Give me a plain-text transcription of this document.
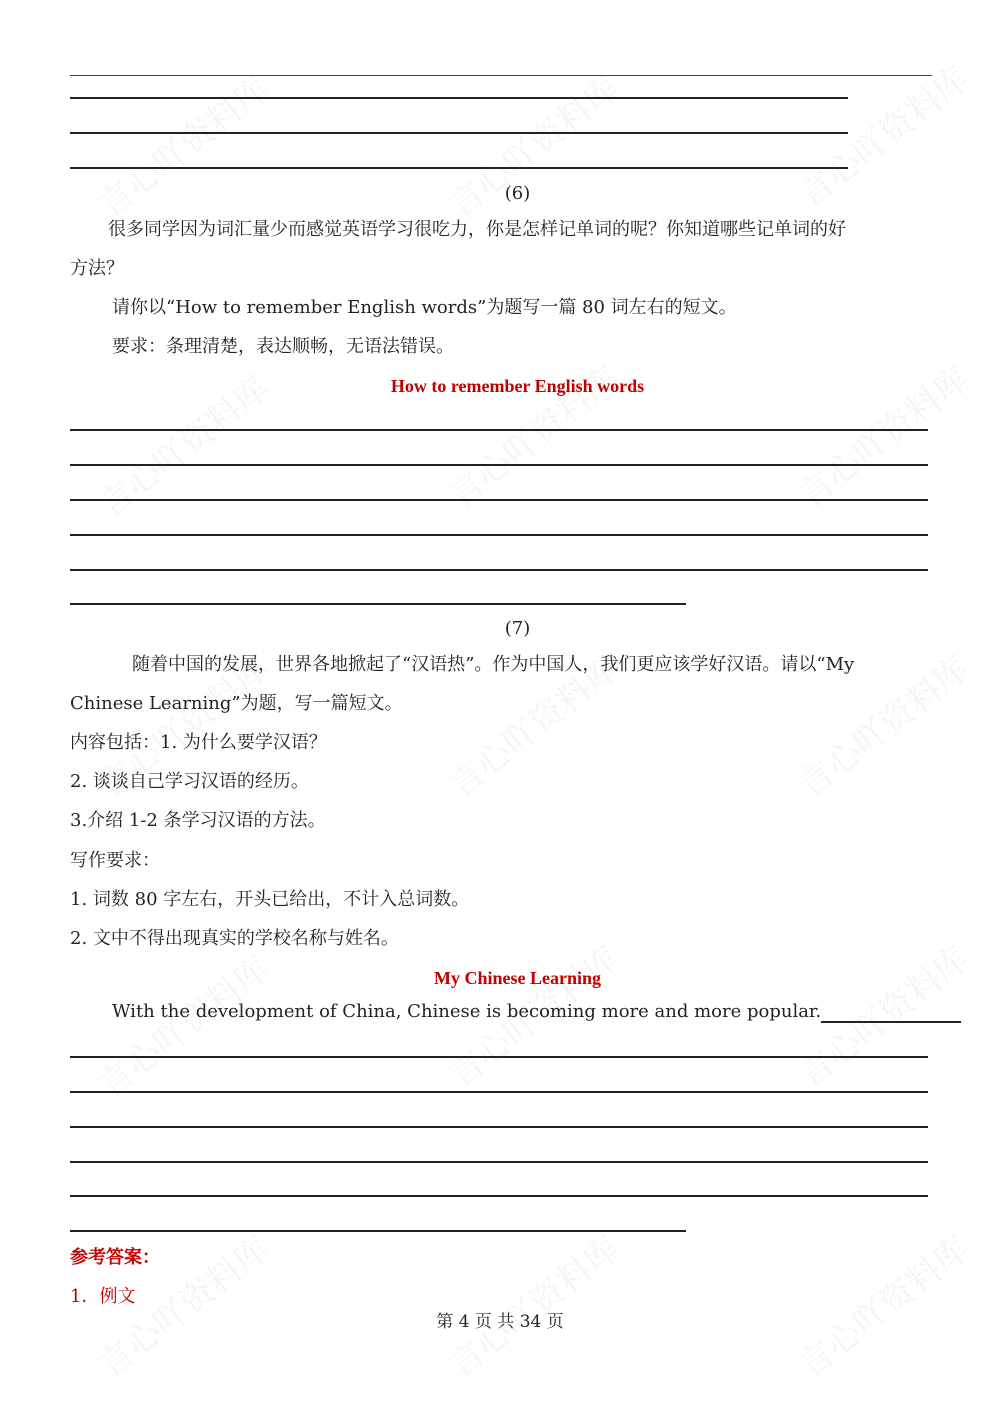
(6)
很多同学因为词汇量少而感觉英语学习很吃力，你是怎样记单词的呢？你知道哪些记单词的好
方法？
请你以“How to remember English words”为题写一篇 80 词左右的短文。
要求：条理清楚，表达顺畅，无语法错误。
How to remember English words
(7)
随着中国的发展，世界各地掀起了“汉语热”。作为中国人，我们更应该学好汉语。请以“My
Chinese Learning”为题，写一篇短文。
内容包括：1. 为什么要学汉语？
2. 谈谈自己学习汉语的经历。
3.介绍 1-2 条学习汉语的方法。
写作要求：
1. 词数 80 字左右，开头已给出，不计入总词数。
2. 文中不得出现真实的学校名称与姓名。
My Chinese Learning
With the development of China, Chinese is becoming more and more popular.
参考答案：
1．例文
第 4 页 共 34 页
